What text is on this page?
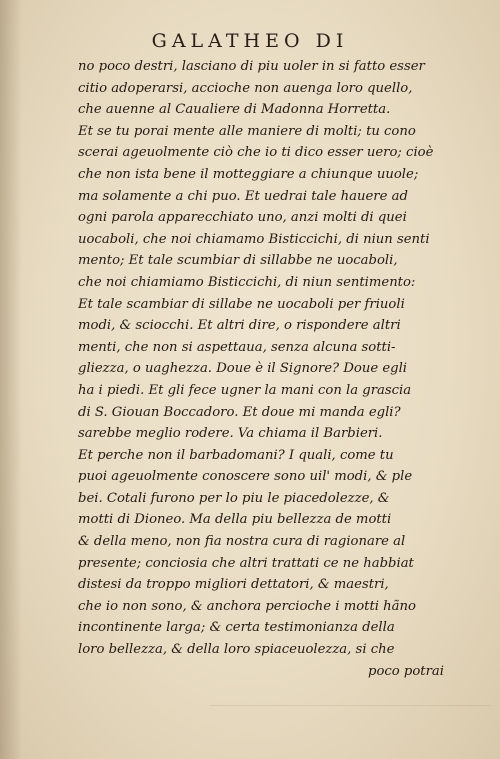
GALATHEO DI
no poco destri, lasciano di piu uoler in si fatto esser
citio adoperarsi, accioche non auenga loro quello,
che auenne al Caualiere di Madonna Horretta.
Et se tu porai mente alle maniere di molti; tu cono
scerai ageuolmente ciò che io ti dico esser uero; cioè
che non ista bene il motteggiare a chiunque uuole;
ma solamente a chi puo. Et uedrai tale hauere ad
ogni parola apparecchiato uno, anzi molti di quei
uocaboli, che noi chiamamo Bisticcichi, di niun senti
mento; Et tale scumbiar di sillabbe ne uocaboli,
che noi chiamiamo Bisticcichi, di niun sentimento:
Et tale scambiar di sillabe ne uocaboli per friuoli
modi, & sciocchi. Et altri dire, o rispondere altri
menti, che non si aspettaua, senza alcuna sotti-
gliezza, o uaghezza. Doue è il Signore? Doue egli
ha i piedi. Et gli fece ugner la mani con la grascia
di S. Giouan Boccadoro. Et doue mi manda egli?
sarebbe meglio rodere. Va chiama il Barbieri.
Et perche non il barbadomani? I quali, come tu
puoi ageuolmente conoscere sono uil' modi, & ple
bei. Cotali furono per lo piu le piacedolezze, &
motti di Dioneo. Ma della piu bellezza de motti
& della meno, non fia nostra cura di ragionare al
presente; conciosia che altri trattati ce ne habbiat
distesi da troppo migliori dettatori, & maestri,
che io non sono, & anchora percioche i motti hãno
incontinente larga; & certa testimonianza della
loro bellezza, & della loro spiaceuolezza, si che
poco potrai
